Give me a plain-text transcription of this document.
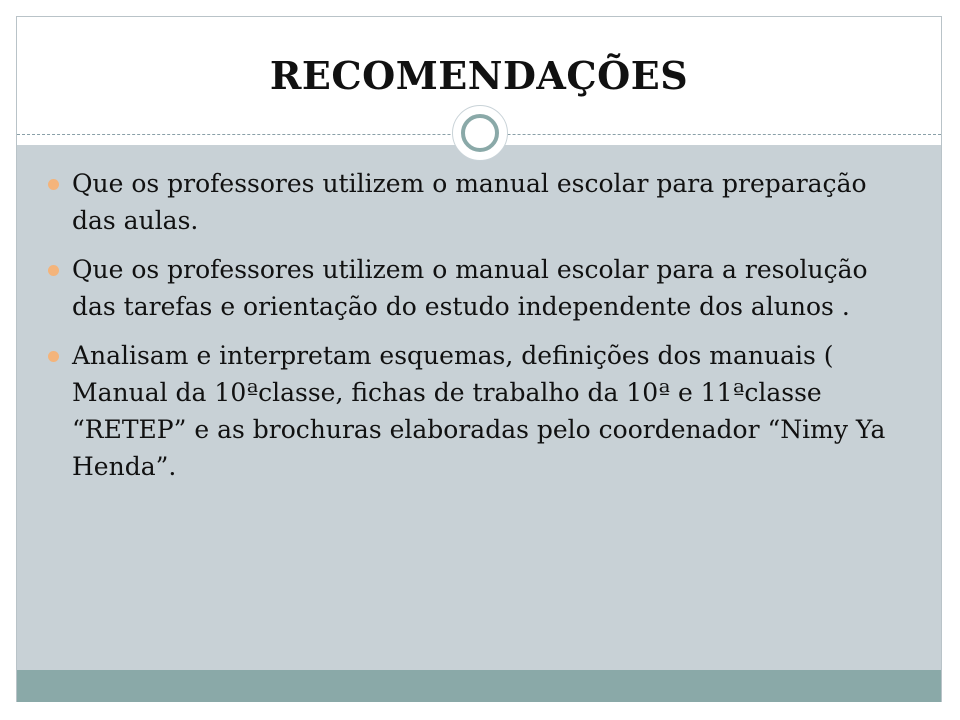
RECOMENDAÇÕES
Que os professores utilizem o manual escolar para preparação das aulas.
Que os professores utilizem o manual escolar para a resolução das tarefas e orientação do estudo independente dos alunos .
Analisam e interpretam esquemas, definições dos manuais ( Manual da 10ªclasse, fichas de trabalho da 10ª e 11ªclasse “RETEP” e as brochuras elaboradas pelo coordenador “Nimy Ya Henda”.
